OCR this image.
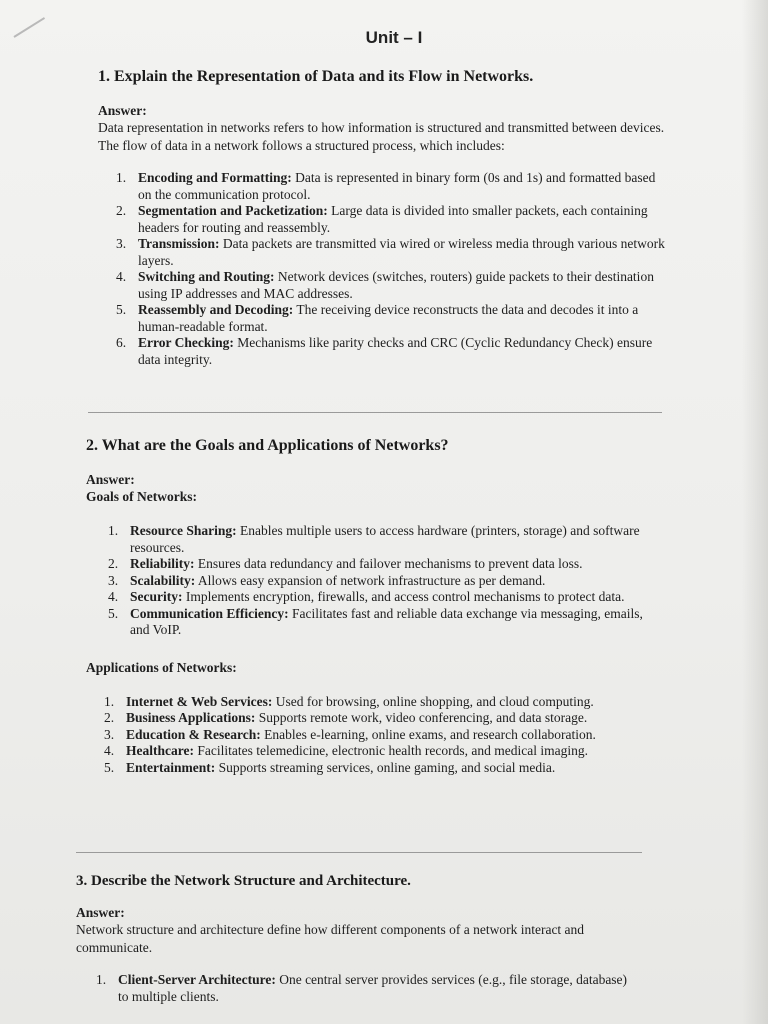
Unit – I
1. Explain the Representation of Data and its Flow in Networks.
Answer:

Data representation in networks refers to how information is structured and transmitted between devices. The flow of data in a network follows a structured process, which includes:

1. Encoding and Formatting: Data is represented in binary form (0s and 1s) and formatted based on the communication protocol.
2. Segmentation and Packetization: Large data is divided into smaller packets, each containing headers for routing and reassembly.
3. Transmission: Data packets are transmitted via wired or wireless media through various network layers.
4. Switching and Routing: Network devices (switches, routers) guide packets to their destination using IP addresses and MAC addresses.
5. Reassembly and Decoding: The receiving device reconstructs the data and decodes it into a human-readable format.
6. Error Checking: Mechanisms like parity checks and CRC (Cyclic Redundancy Check) ensure data integrity.
2. What are the Goals and Applications of Networks?
Answer:
Goals of Networks:
1. Resource Sharing: Enables multiple users to access hardware (printers, storage) and software resources.
2. Reliability: Ensures data redundancy and failover mechanisms to prevent data loss.
3. Scalability: Allows easy expansion of network infrastructure as per demand.
4. Security: Implements encryption, firewalls, and access control mechanisms to protect data.
5. Communication Efficiency: Facilitates fast and reliable data exchange via messaging, emails, and VoIP.
Applications of Networks:
1. Internet & Web Services: Used for browsing, online shopping, and cloud computing.
2. Business Applications: Supports remote work, video conferencing, and data storage.
3. Education & Research: Enables e-learning, online exams, and research collaboration.
4. Healthcare: Facilitates telemedicine, electronic health records, and medical imaging.
5. Entertainment: Supports streaming services, online gaming, and social media.
3. Describe the Network Structure and Architecture.
Answer:

Network structure and architecture define how different components of a network interact and communicate.

1. Client-Server Architecture: One central server provides services (e.g., file storage, database) to multiple clients.
